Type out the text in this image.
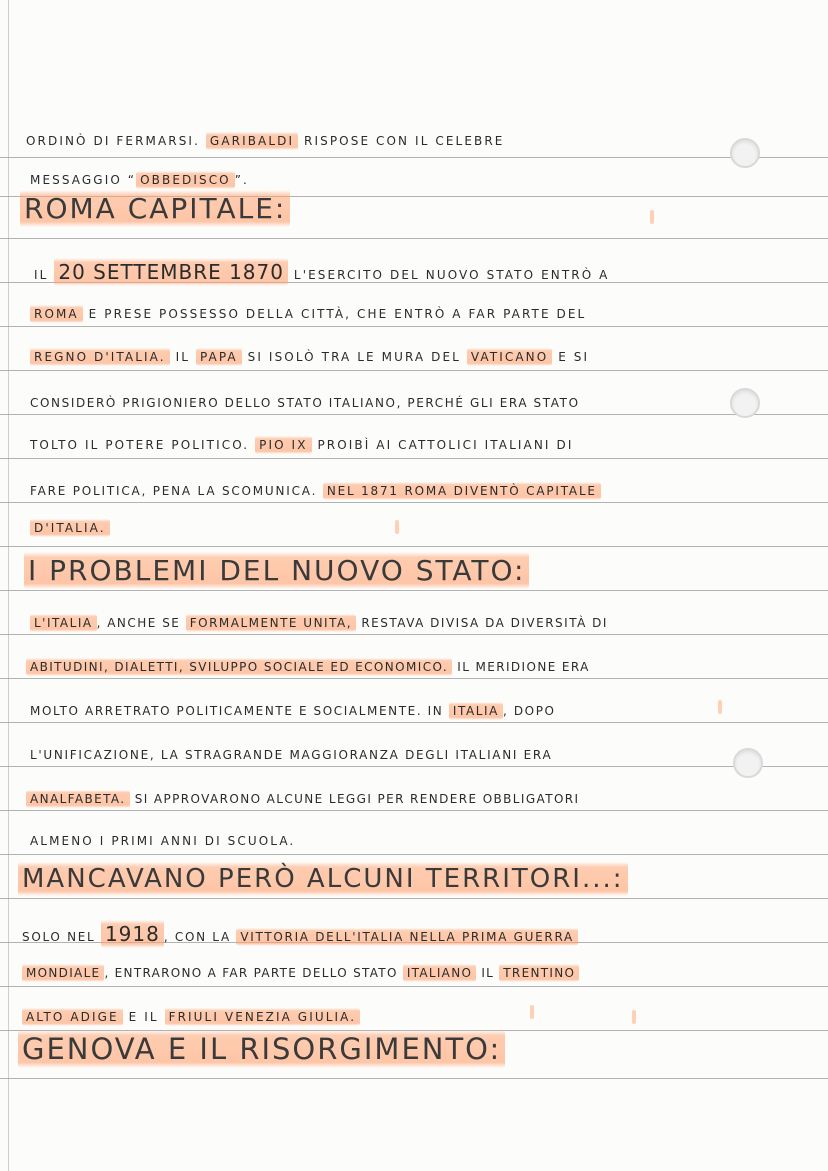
ORDINÒ DI FERMARSI. GARIBALDI RISPOSE CON IL CELEBRE
MESSAGGIO “ OBBEDISCO ”.
ROMA CAPITALE:
IL 20 SETTEMBRE 1870 L'ESERCITO DEL NUOVO STATO ENTRÒ A
ROMA E PRESE POSSESSO DELLA CITTÀ, CHE ENTRÒ A FAR PARTE DEL
REGNO D'ITALIA. IL PAPA SI ISOLÒ TRA LE MURA DEL VATICANO E SI
CONSIDERÒ PRIGIONIERO DELLO STATO ITALIANO, PERCHÉ GLI ERA STATO
TOLTO IL POTERE POLITICO. PIO IX PROIBÌ AI CATTOLICI ITALIANI DI
FARE POLITICA, PENA LA SCOMUNICA. NEL 1871 ROMA DIVENTÒ CAPITALE
D'ITALIA.
I PROBLEMI DEL NUOVO STATO:
L'ITALIA , ANCHE SE FORMALMENTE UNITA, RESTAVA DIVISA DA DIVERSITÀ DI
ABITUDINI, DIALETTI, SVILUPPO SOCIALE ED ECONOMICO. IL MERIDIONE ERA
MOLTO ARRETRATO POLITICAMENTE E SOCIALMENTE. IN ITALIA , DOPO
L'UNIFICAZIONE, LA STRAGRANDE MAGGIORANZA DEGLI ITALIANI ERA
ANALFABETA. SI APPROVARONO ALCUNE LEGGI PER RENDERE OBBLIGATORI
ALMENO I PRIMI ANNI DI SCUOLA.
MANCAVANO PERÒ ALCUNI TERRITORI...:
SOLO NEL 1918 , CON LA VITTORIA DELL'ITALIA NELLA PRIMA GUERRA
MONDIALE , ENTRARONO A FAR PARTE DELLO STATO ITALIANO IL TRENTINO
ALTO ADIGE E IL FRIULI VENEZIA GIULIA.
GENOVA E IL RISORGIMENTO:
